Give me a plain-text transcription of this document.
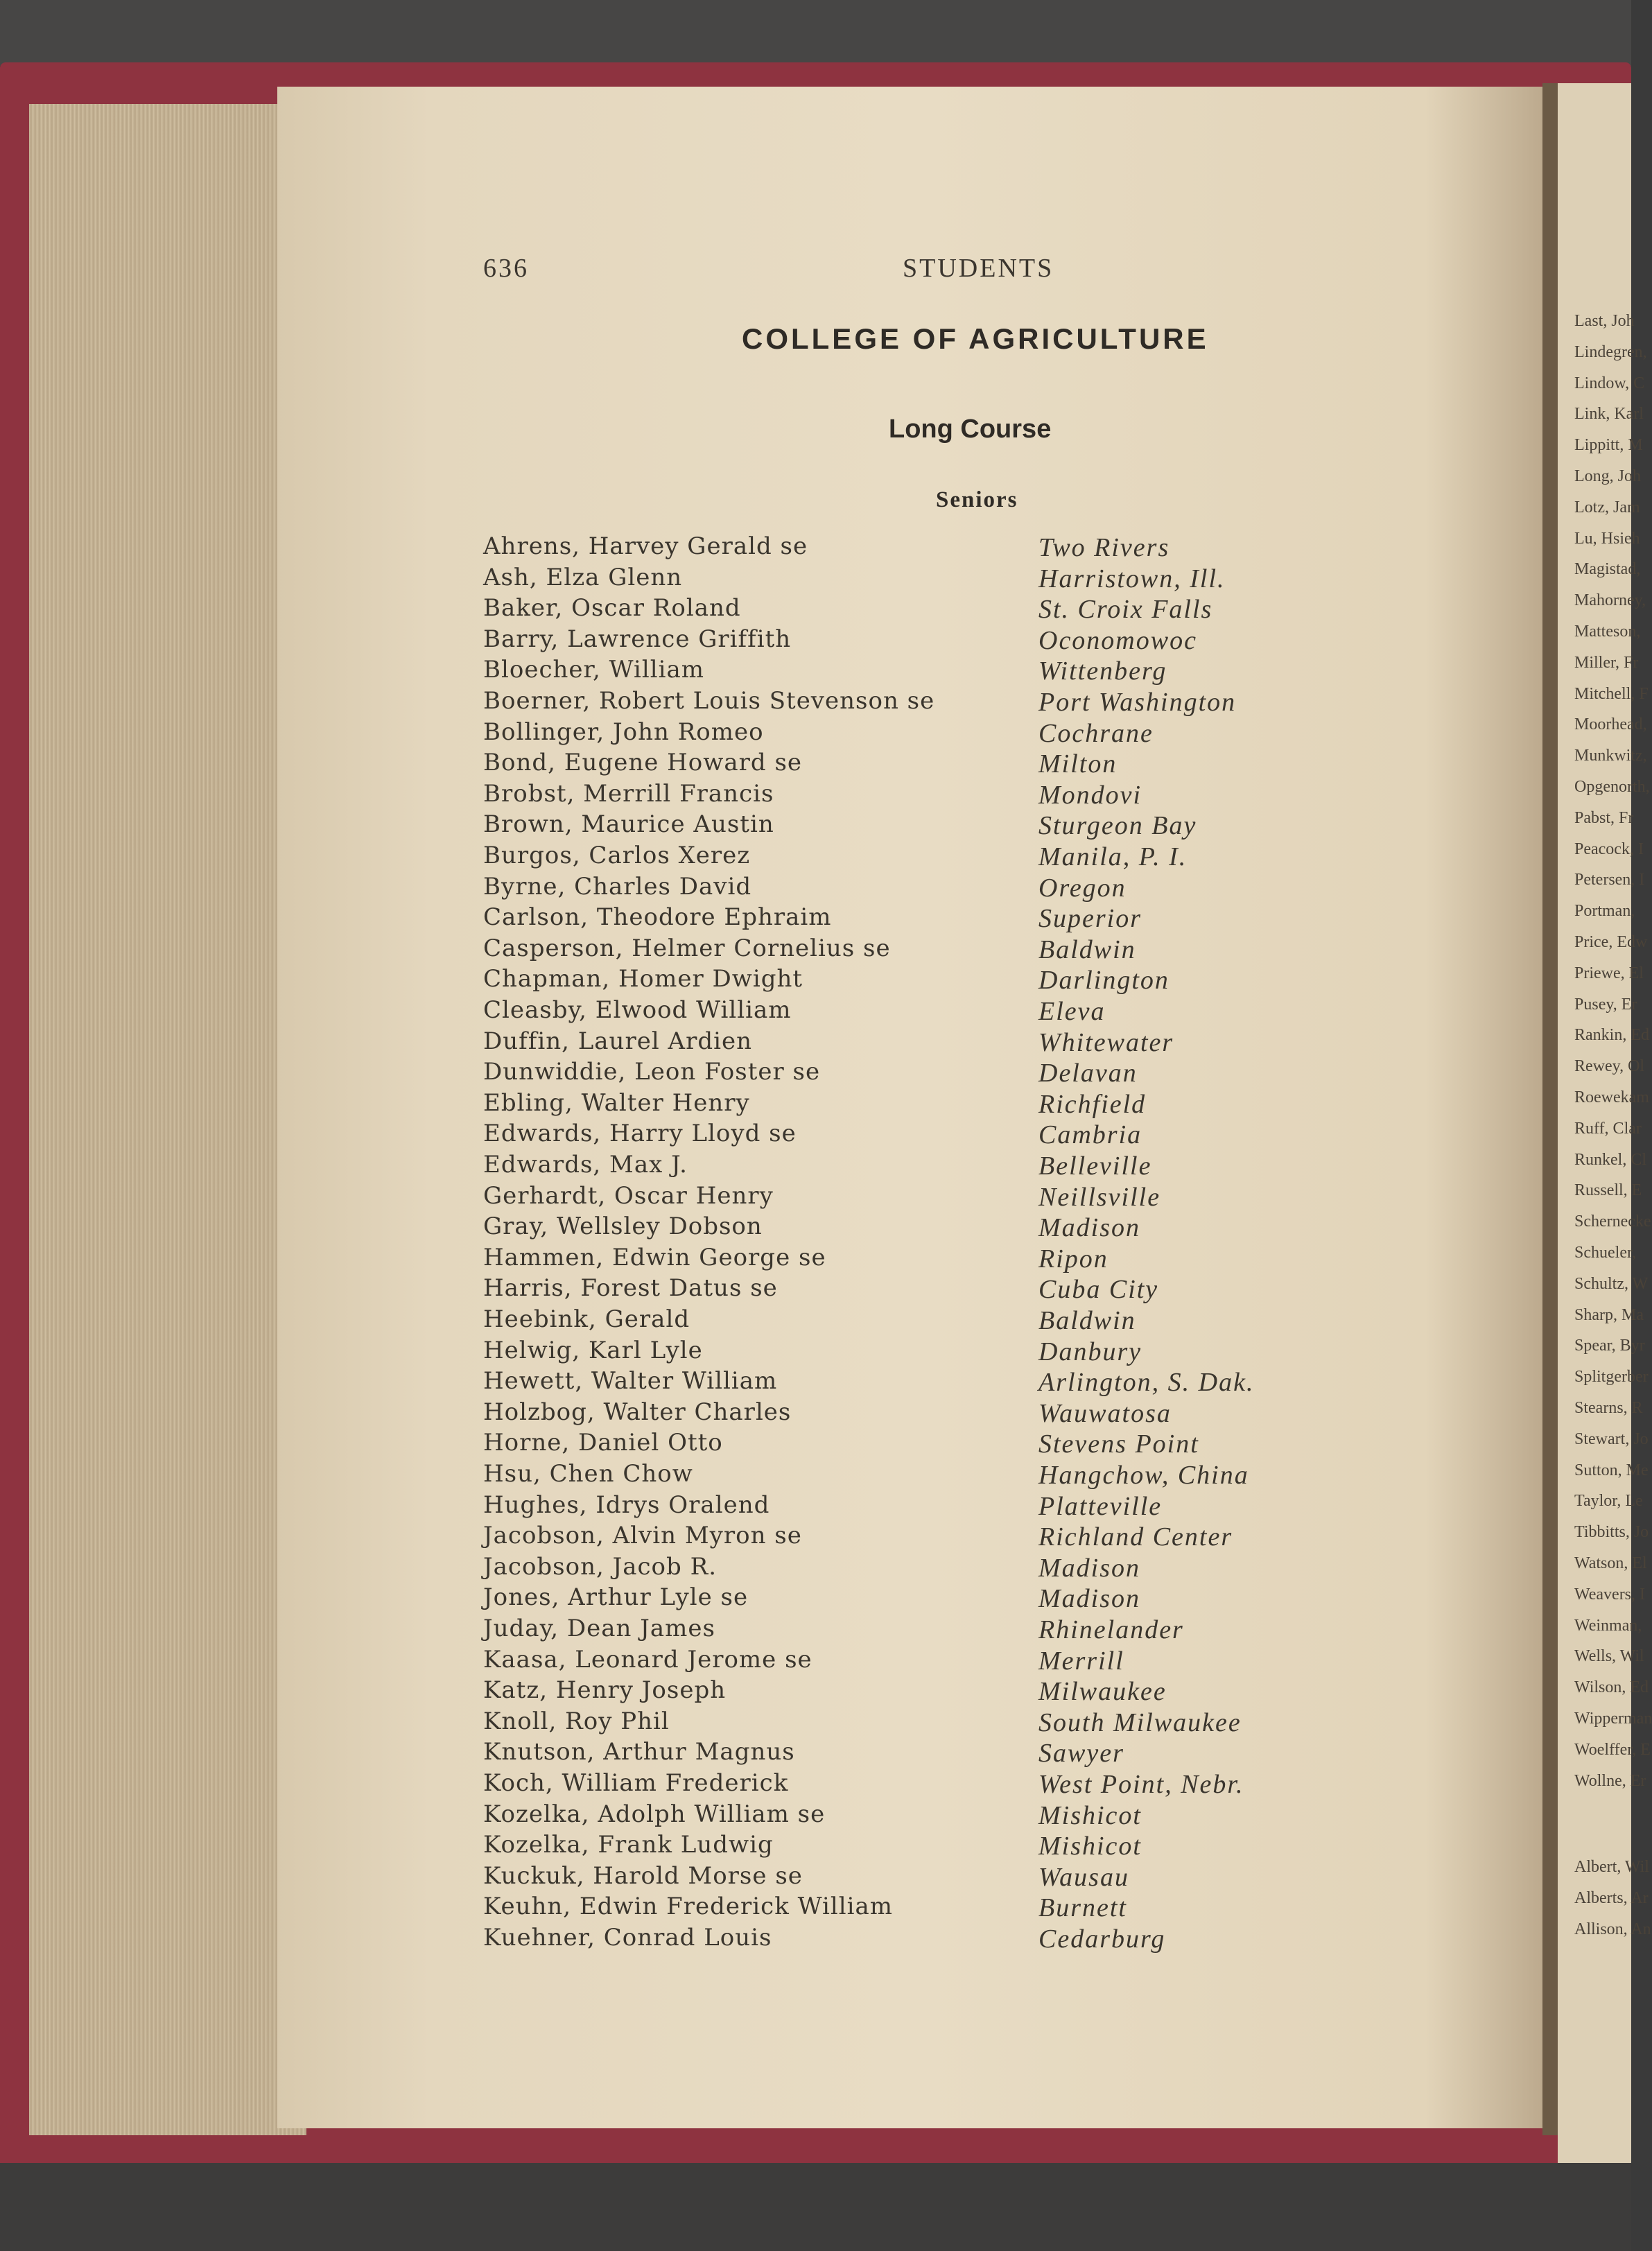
Last, Joh
Lindegren,
Lindow, C
Link, Karl
Lippitt, M
Long, Joh
Lotz, Jam
Lu, Hsieh
Magistad,
Mahorney,
Matteson,
Miller, Fr
Mitchell, F
Moorhead,
Munkwitz,
Opgenorth,
Pabst, Fr
Peacock, I
Petersen, I
Portman,
Price, Edw
Priewe, El
Pusey, Er
Rankin, Ed
Rewey, Ol
Roewekam
Ruff, Clar
Runkel, Cl
Russell, E
Schernecke
Schueler,
Schultz, W
Sharp, Ma
Spear, Byr
Splitgerber
Stearns, R
Stewart, Jo
Sutton, Me
Taylor, Le
Tibbitts, Jo
Watson, El
Weavers, I
Weinman,
Wells, Wil
Wilson, Ed
Wipperman
Woelffer, E
Wollne, Er
Albert, Wil
Alberts, Ar
Allison, An
636	STUDENTS
COLLEGE OF AGRICULTURE
Long Course
Seniors
Ahrens, Harvey Gerald se	Two Rivers
Ash, Elza Glenn	Harristown, Ill.
Baker, Oscar Roland	St. Croix Falls
Barry, Lawrence Griffith	Oconomowoc
Bloecher, William	Wittenberg
Boerner, Robert Louis Stevenson se	Port Washington
Bollinger, John Romeo	Cochrane
Bond, Eugene Howard se	Milton
Brobst, Merrill Francis	Mondovi
Brown, Maurice Austin	Sturgeon Bay
Burgos, Carlos Xerez	Manila, P. I.
Byrne, Charles David	Oregon
Carlson, Theodore Ephraim	Superior
Casperson, Helmer Cornelius se	Baldwin
Chapman, Homer Dwight	Darlington
Cleasby, Elwood William	Eleva
Duffin, Laurel Ardien	Whitewater
Dunwiddie, Leon Foster se	Delavan
Ebling, Walter Henry	Richfield
Edwards, Harry Lloyd se	Cambria
Edwards, Max J.	Belleville
Gerhardt, Oscar Henry	Neillsville
Gray, Wellsley Dobson	Madison
Hammen, Edwin George se	Ripon
Harris, Forest Datus se	Cuba City
Heebink, Gerald	Baldwin
Helwig, Karl Lyle	Danbury
Hewett, Walter William	Arlington, S. Dak.
Holzbog, Walter Charles	Wauwatosa
Horne, Daniel Otto	Stevens Point
Hsu, Chen Chow	Hangchow, China
Hughes, Idrys Oralend	Platteville
Jacobson, Alvin Myron se	Richland Center
Jacobson, Jacob R.	Madison
Jones, Arthur Lyle se	Madison
Juday, Dean James	Rhinelander
Kaasa, Leonard Jerome se	Merrill
Katz, Henry Joseph	Milwaukee
Knoll, Roy Phil	South Milwaukee
Knutson, Arthur Magnus	Sawyer
Koch, William Frederick	West Point, Nebr.
Kozelka, Adolph William se	Mishicot
Kozelka, Frank Ludwig	Mishicot
Kuckuk, Harold Morse se	Wausau
Keuhn, Edwin Frederick William	Burnett
Kuehner, Conrad Louis	Cedarburg
